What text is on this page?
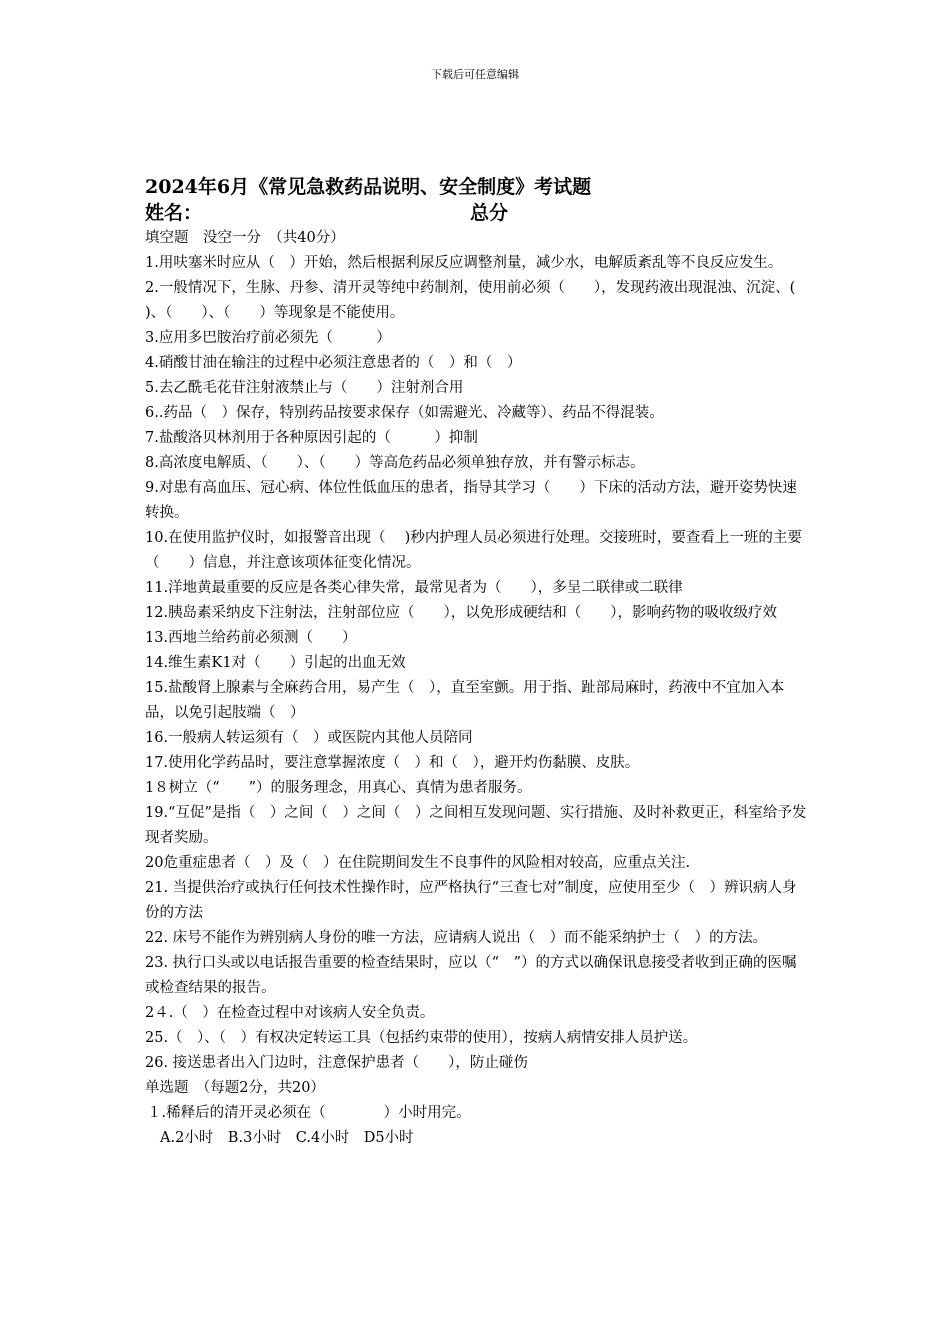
下载后可任意编辑
2024年6月《常见急救药品说明、安全制度》考试题
姓名：	总分

填空题　没空一分　（共40分）

1.用呋塞米时应从（　）开始，然后根据利尿反应调整剂量，减少水，电解质紊乱等不良反应发生。

2.一般情况下，生脉、丹参、清开灵等纯中药制剂，使用前必须（　　），发现药液出现混浊、沉淀、(　 )、（　　）、（　　）等现象是不能使用。

3.应用多巴胺治疗前必须先（　　　）

4.硝酸甘油在输注的过程中必须注意患者的（　）和（　）

5.去乙酰毛花苷注射液禁止与（　　）注射剂合用

6..药品（　）保存，特别药品按要求保存（如需避光、冷藏等）、药品不得混装。

7.盐酸洛贝林剂用于各种原因引起的（　　　）抑制

8.高浓度电解质、（　　）、（　　）等高危药品必须单独存放，并有警示标志。

9.对患有高血压、冠心病、体位性低血压的患者，指导其学习（　　）下床的活动方法，避开姿势快速转换。

10.在使用监护仪时，如报警音出现（　 )秒内护理人员必须进行处理。交接班时，要查看上一班的主要（　　）信息，并注意该项体征变化情况。

11.洋地黄最重要的反应是各类心律失常，最常见者为（　　），多呈二联律或二联律

12.胰岛素采纳皮下注射法，注射部位应（　　），以免形成硬结和（　　），影响药物的吸收级疗效

13.西地兰给药前必须测（　　）

14.维生素K1对（　　）引起的出血无效

15.盐酸肾上腺素与全麻药合用，易产生（　），直至室颤。用于指、趾部局麻时，药液中不宜加入本品，以免引起肢端（　）

16.一般病人转运须有（　）或医院内其他人员陪同

17.使用化学药品时，要注意掌握浓度（　）和（　），避开灼伤黏膜、皮肤。

1８树立（“　　”）的服务理念，用真心、真情为患者服务。

19.“互促”是指（　）之间（　）之间（　）之间相互发现问题、实行措施、及时补救更正，科室给予发现者奖励。

20危重症患者（　）及（　）在住院期间发生不良事件的风险相对较高，应重点关注.

21. 当提供治疗或执行任何技术性操作时，应严格执行“三查七对”制度，应使用至少（　）辨识病人身份的方法

22. 床号不能作为辨别病人身份的唯一方法，应请病人说出（　）而不能采纳护士（　）的方法。

23. 执行口头或以电话报告重要的检查结果时，应以（“　”）的方式以确保讯息接受者收到正确的医嘱或检查结果的报告。

2４.（　）在检查过程中对该病人安全负责。

25.（　）、（　）有权决定转运工具（包括约束带的使用），按病人病情安排人员护送。

26. 接送患者出入门边时，注意保护患者（　　），防止碰伤

单选题　（每题2分，共20）

１.稀释后的清开灵必须在（　　　　）小时用完。

A.2小时　B.3小时　C.4小时　D5小时
